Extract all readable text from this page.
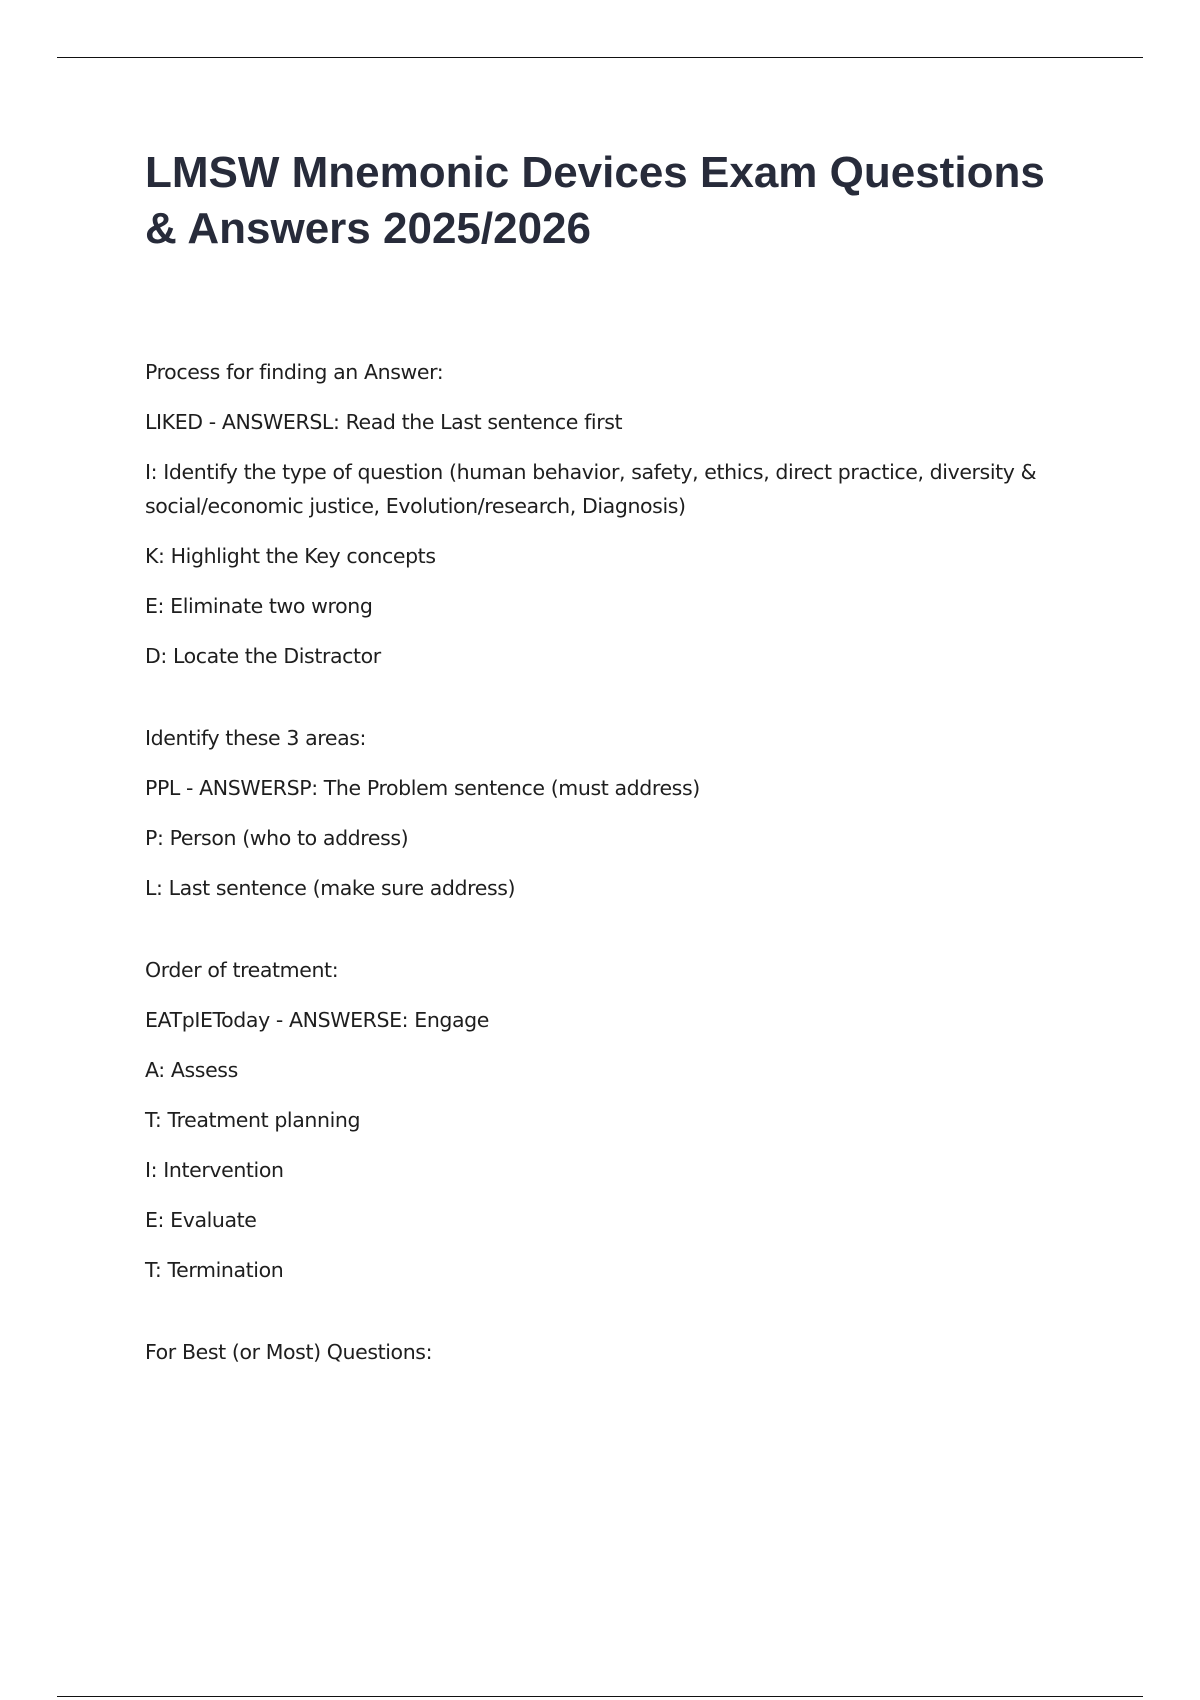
LMSW Mnemonic Devices Exam Questions & Answers 2025/2026

Process for finding an Answer:

LIKED - ANSWERSL: Read the Last sentence first

I: Identify the type of question (human behavior, safety, ethics, direct practice, diversity & social/economic justice, Evolution/research, Diagnosis)

K: Highlight the Key concepts

E: Eliminate two wrong

D: Locate the Distractor

Identify these 3 areas:

PPL - ANSWERSP: The Problem sentence (must address)

P: Person (who to address)

L: Last sentence (make sure address)

Order of treatment:

EATpIEToday - ANSWERSE: Engage

A: Assess

T: Treatment planning

I: Intervention

E: Evaluate

T: Termination

For Best (or Most) Questions:
